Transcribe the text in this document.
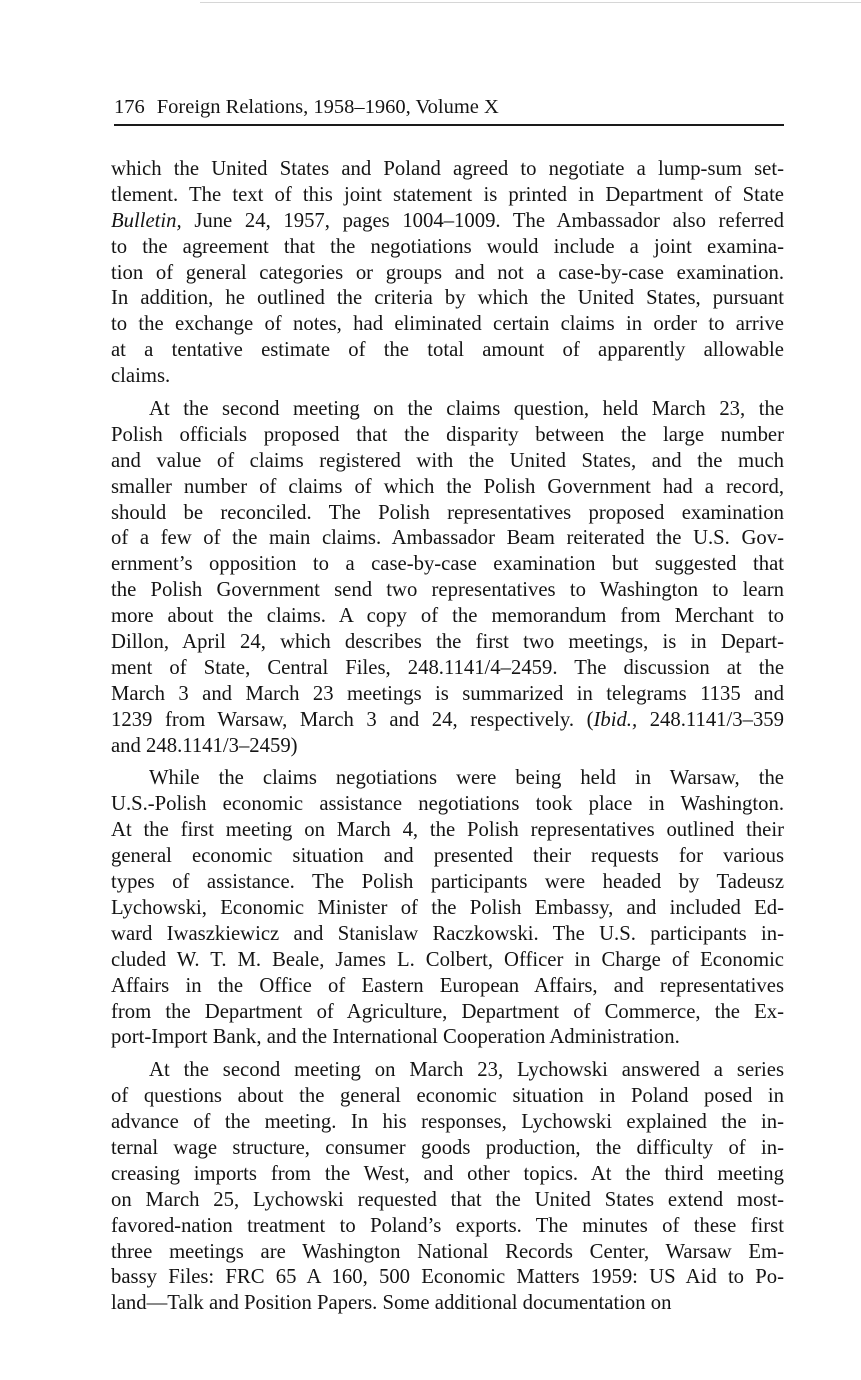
176 Foreign Relations, 1958–1960, Volume X
which the United States and Poland agreed to negotiate a lump-sum set-
tlement. The text of this joint statement is printed in Department of State
Bulletin, June 24, 1957, pages 1004–1009. The Ambassador also referred
to the agreement that the negotiations would include a joint examina-
tion of general categories or groups and not a case-by-case examination.
In addition, he outlined the criteria by which the United States, pursuant
to the exchange of notes, had eliminated certain claims in order to arrive
at a tentative estimate of the total amount of apparently allowable
claims.
At the second meeting on the claims question, held March 23, the
Polish officials proposed that the disparity between the large number
and value of claims registered with the United States, and the much
smaller number of claims of which the Polish Government had a record,
should be reconciled. The Polish representatives proposed examination
of a few of the main claims. Ambassador Beam reiterated the U.S. Gov-
ernment’s opposition to a case-by-case examination but suggested that
the Polish Government send two representatives to Washington to learn
more about the claims. A copy of the memorandum from Merchant to
Dillon, April 24, which describes the first two meetings, is in Depart-
ment of State, Central Files, 248.1141/4–2459. The discussion at the
March 3 and March 23 meetings is summarized in telegrams 1135 and
1239 from Warsaw, March 3 and 24, respectively. (Ibid., 248.1141/3–359
and 248.1141/3–2459)
While the claims negotiations were being held in Warsaw, the
U.S.-Polish economic assistance negotiations took place in Washington.
At the first meeting on March 4, the Polish representatives outlined their
general economic situation and presented their requests for various
types of assistance. The Polish participants were headed by Tadeusz
Lychowski, Economic Minister of the Polish Embassy, and included Ed-
ward Iwaszkiewicz and Stanislaw Raczkowski. The U.S. participants in-
cluded W. T. M. Beale, James L. Colbert, Officer in Charge of Economic
Affairs in the Office of Eastern European Affairs, and representatives
from the Department of Agriculture, Department of Commerce, the Ex-
port-Import Bank, and the International Cooperation Administration.
At the second meeting on March 23, Lychowski answered a series
of questions about the general economic situation in Poland posed in
advance of the meeting. In his responses, Lychowski explained the in-
ternal wage structure, consumer goods production, the difficulty of in-
creasing imports from the West, and other topics. At the third meeting
on March 25, Lychowski requested that the United States extend most-
favored-nation treatment to Poland’s exports. The minutes of these first
three meetings are Washington National Records Center, Warsaw Em-
bassy Files: FRC 65 A 160, 500 Economic Matters 1959: US Aid to Po-
land—Talk and Position Papers. Some additional documentation on
